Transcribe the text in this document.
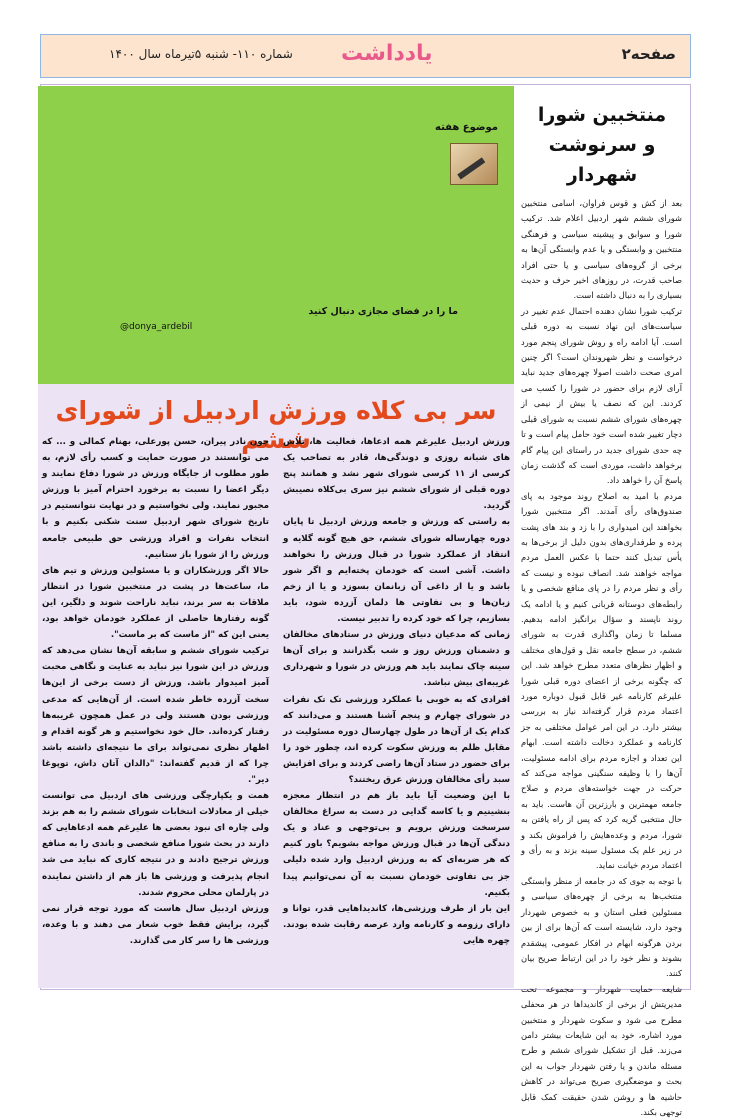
صفحه۲
یادداشت
شماره ۱۱۰- شنبه ۵تیرماه سال ۱۴۰۰
منتخبین شورا
و سرنوشت شهردار

بعد از کش و قوس فراوان، اسامی منتخبین شورای ششم شهر اردبیل اعلام شد. ترکیب شورا و سوابق و پیشینه سیاسی و فرهنگی منتخبین و وابستگی و یا عدم وابستگی آن‌ها به برخی از گروه‌های سیاسی و یا حتی افراد صاحب قدرت، در روزهای اخیر حرف و حدیث بسیاری را به دنبال داشته است.

ترکیب شورا نشان دهنده احتمال عدم تغییر در سیاست‌های این نهاد نسبت به دوره قبلی است. آیا ادامه راه و روش شورای پنجم مورد درخواست و نظر شهروندان است؟ اگر چنین امری صحت داشت اصولا چهره‌های جدید نباید آرای لازم برای حضور در شورا را کسب می کردند. این که نصف یا بیش از نیمی از چهره‌های شورای ششم نسبت به شورای قبلی دچار تغییر شده است خود حامل پیام است و تا چه حدی شورای جدید در راستای این پیام گام برخواهد داشت، موردی است که گذشت زمان پاسخ آن را خواهد داد.

مردم با امید به اصلاح روند موجود به پای صندوق‌های رأی آمدند. اگر منتخبین شورا بخواهند این امیدواری را با زد و بند های پشت پرده و طرفداری‌های بدون دلیل از برخی‌ها به یأس تبدیل کنند حتما با عکس العمل مردم مواجه خواهند شد. انصاف نبوده و نیست که رأی و نظر مردم را در پای منافع شخصی و یا رابطه‌های دوستانه قربانی کنیم و یا ادامه یک روند ناپسند و سؤال برانگیز ادامه بدهیم. مسلما تا زمان واگذاری قدرت به شورای ششم، در سطح جامعه نقل و قول‌های مختلف و اظهار نظرهای متعدد مطرح خواهد شد. این که چگونه برخی از اعضای دوره قبلی شورا علیرغم کارنامه غیر قابل قبول دوباره مورد اعتماد مردم قرار گرفته‌اند نیاز به بررسی بیشتر دارد. در این امر عوامل مختلفی به جز کارنامه و عملکرد دخالت داشته است. ابهام این تعداد و اجازه مردم برای ادامه مسئولیت، آن‌ها را با وظیفه سنگینی مواجه می‌کند که حرکت در جهت خواسته‌های مردم و صلاح جامعه مهمترین و بارزترین آن هاست. باید به حال منتخبی گریه کرد که پس از راه یافتن به شورا، مردم و وعده‌هایش را فراموش بکند و در زیر علم یک مسئول سینه بزند و به رأی و اعتماد مردم خیانت نماید.

با توجه به جوی که در جامعه از منظر وابستگی منتخب‌ها به برخی از چهره‌های سیاسی و مسئولین فعلی استان و به خصوص شهردار وجود دارد، شایسته است که آن‌ها برای از بین بردن هرگونه ابهام در افکار عمومی، پیشقدم بشوند و نظر خود را در این ارتباط صریح بیان کنند.

شایعه حمایت شهردار و مجموعه تحت مدیریتش از برخی از کاندیداها در هر محفلی مطرح می شود و سکوت شهردار و منتخبین مورد اشاره، خود به این شایعات بیشتر دامن می‌زند. قبل از تشکیل شورای ششم و طرح مسئله ماندن و یا رفتن شهردار جواب به این بحث و موضعگیری صریح می‌تواند در کاهش حاشیه ها و روشن شدن حقیقت کمک قابل توجهی بکند.

موضوع هفته
ما را در فضای مجازی دنبال کنید
@donya_ardebil
سر بی کلاه ورزش اردبیل از شورای ششم

ورزش اردبیل علیرغم همه ادعاها، فعالیت ها، تلاش های شبانه روزی و دوندگی‌ها، قادر به تصاحب یک کرسی از ۱۱ کرسی شورای شهر نشد و همانند پنج دوره قبلی از شورای ششم نیز سری بی‌کلاه نصیبش گردید.

به راستی که ورزش و جامعه ورزش اردبیل تا پایان دوره چهارساله شورای ششم، حق هیچ گونه گلایه و انتقاد از عملکرد شورا در قبال ورزش را نخواهند داشت. آشی است که خودمان پخته‌ایم و اگر شور باشد و یا از داغی آن زبانمان بسوزد و یا از زخم زبان‌ها و بی تفاوتی ها دلمان آزرده شود، باید بسازیم، چرا که خود کرده را تدبیر نیست.

زمانی که مدعیان دنیای ورزش در ستادهای مخالفان و دشمنان ورزش روز و شب بگذرانند و برای آن‌ها سینه چاک نمایند باید هم ورزش در شورا و شهرداری غریبه‌ای بیش نباشد.

افرادی که به خوبی با عملکرد ورزشی تک تک نفرات در شورای چهارم و پنجم آشنا هستند و می‌دانند که کدام یک از آن‌ها در طول چهارسال دوره مسئولیت در مقابل ظلم به ورزش سکوت کرده اند، چطور خود را برای حضور در ستاد آن‌ها راضی کردند و برای افزایش سبد رأی مخالفان ورزش عرق ریختند؟

با این وضعیت آیا باید باز هم در انتظار معجزه بنشینیم و یا کاسه گدایی در دست به سراغ مخالفان سرسخت ورزش برویم و بی‌توجهی و عناد و یک دندگی آن‌ها در قبال ورزش مواجه بشویم؟ باور کنیم که هر ضربه‌ای که به ورزش اردبیل وارد شده دلیلی جز بی تفاوتی خودمان نسبت به آن نمی‌توانیم پیدا بکنیم.

این بار از طرف ورزشی‌ها، کاندیداهایی قدر، توانا و دارای رزومه و کارنامه وارد عرصه رقابت شده بودند. چهره هایی

چون نادر پیران، حسن پورعلی، بهنام کمالی و ... که می توانستند در صورت حمایت و کسب رأی لازم، به طور مطلوب از جایگاه ورزش در شورا دفاع نمایند و دیگر اعضا را نسبت به برخورد احترام آمیز با ورزش مجبور نمایند. ولی نخواستیم و در نهایت نتوانستیم در تاریخ شورای شهر اردبیل سنت شکنی بکنیم و با انتخاب نفرات و افراد ورزشی حق طبیعی جامعه ورزش را از شورا باز ستانیم.

حالا اگر ورزشکاران و یا مسئولین ورزش و تیم های ما، ساعت‌ها در پشت در منتخبین شورا در انتظار ملاقات به سر برند، نباید ناراحت شوند و دلگیر، این گونه رفتارها حاصلی از عملکرد خودمان خواهد بود، یعنی این که "از ماست که بر ماست".

ترکیب شورای ششم و سابقه آن‌ها نشان می‌دهد که ورزش در این شورا نیز نباید به عنایت و نگاهی محبت آمیز امیدوار باشد. ورزش از دست برخی از این‌ها سخت آزرده خاطر شده است. از آن‌هایی که مدعی ورزشی بودن هستند ولی در عمل همچون غریبه‌ها رفتار کرده‌اند. حال خود نخواستیم و هر گونه اقدام و اظهار نظری نمی‌تواند برای ما نتیجه‌ای داشته باشد چرا که از قدیم گفته‌اند: "دالدان آتان داش، توپوغا دیر".

همت و یکپارچگی ورزشی های اردبیل می توانست خیلی از معادلات انتخابات شورای ششم را به هم بزند ولی چاره ای نبود بعضی ها علیرغم همه ادعاهایی که دارند در بحث شورا منافع شخصی و باندی را به منافع ورزش ترجیح دادند و در نتیجه کاری که نباید می شد انجام پذیرفت و ورزشی ها باز هم از داشتن نماینده در پارلمان محلی محروم شدند.

ورزش اردبیل سال هاست که مورد توجه قرار نمی گیرد، برایش فقط خوب شعار می دهند و با وعده، ورزشی ها را سر کار می گذارند.
